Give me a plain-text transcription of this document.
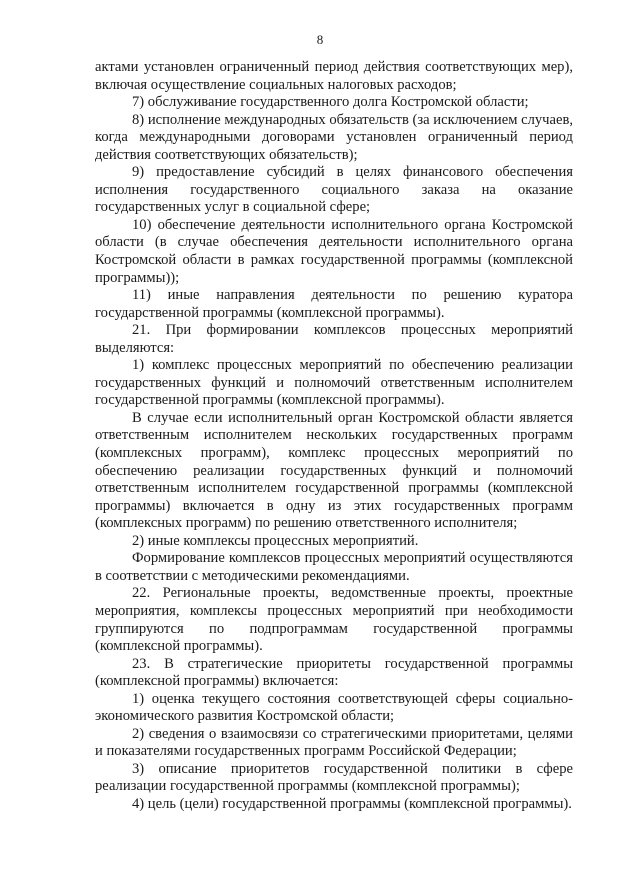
8

актами установлен ограниченный период действия соответствующих мер), включая осуществление социальных налоговых расходов;

7) обслуживание государственного долга Костромской области;

8) исполнение международных обязательств (за исключением случаев, когда международными договорами установлен ограниченный период действия соответствующих обязательств);

9) предоставление субсидий в целях финансового обеспечения исполнения государственного социального заказа на оказание государственных услуг в социальной сфере;

10) обеспечение деятельности исполнительного органа Костромской области (в случае обеспечения деятельности исполнительного органа Костромской области в рамках государственной программы (комплексной программы));

11) иные направления деятельности по решению куратора государственной программы (комплексной программы).

21. При формировании комплексов процессных мероприятий выделяются:

1) комплекс процессных мероприятий по обеспечению реализации государственных функций и полномочий ответственным исполнителем государственной программы (комплексной программы).

В случае если исполнительный орган Костромской области является ответственным исполнителем нескольких государственных программ (комплексных программ), комплекс процессных мероприятий по обеспечению реализации государственных функций и полномочий ответственным исполнителем государственной программы (комплексной программы) включается в одну из этих государственных программ (комплексных программ) по решению ответственного исполнителя;

2) иные комплексы процессных мероприятий.

Формирование комплексов процессных мероприятий осуществляются в соответствии с методическими рекомендациями.

22. Региональные проекты, ведомственные проекты, проектные мероприятия, комплексы процессных мероприятий при необходимости группируются по подпрограммам государственной программы (комплексной программы).

23. В стратегические приоритеты государственной программы (комплексной программы) включается:

1) оценка текущего состояния соответствующей сферы социально-экономического развития Костромской области;

2) сведения о взаимосвязи со стратегическими приоритетами, целями и показателями государственных программ Российской Федерации;

3) описание приоритетов государственной политики в сфере реализации государственной программы (комплексной программы);

4) цель (цели) государственной программы (комплексной программы).
